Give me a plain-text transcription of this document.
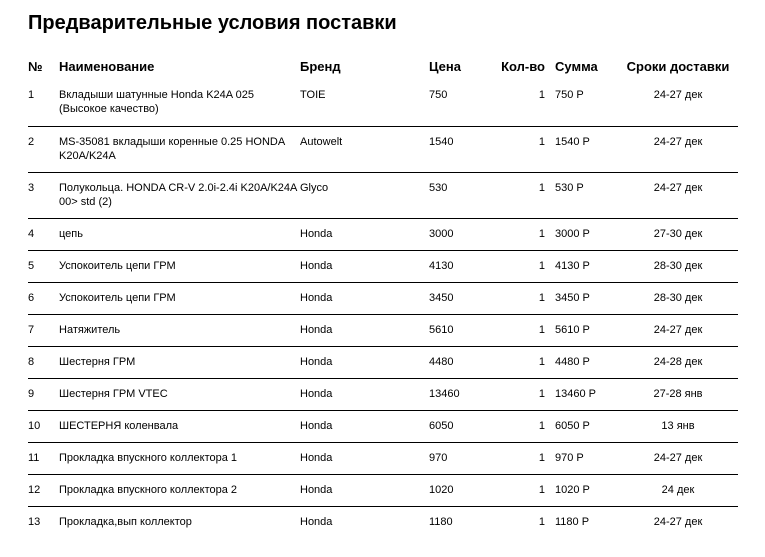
Предварительные условия поставки
№	Наименование	Бренд	Цена	Кол-во	Сумма	Сроки доставки
1	Вкладыши шатунные Honda K24A 025 (Высокое качество)	TOIE	750	1	750 Р	24-27 дек
2	MS-35081 вкладыши коренные 0.25 HONDA K20A/K24A	Autowelt	1540	1	1540 Р	24-27 дек
3	Полукольца. HONDA CR-V 2.0i-2.4i K20A/K24A 00> std (2)	Glyco	530	1	530 Р	24-27 дек
4	цепь	Honda	3000	1	3000 Р	27-30 дек
5	Успокоитель цепи ГРМ	Honda	4130	1	4130 Р	28-30 дек
6	Успокоитель цепи ГРМ	Honda	3450	1	3450 Р	28-30 дек
7	Натяжитель	Honda	5610	1	5610 Р	24-27 дек
8	Шестерня ГРМ	Honda	4480	1	4480 Р	24-28 дек
9	Шестерня ГРМ VTEC	Honda	13460	1	13460 Р	27-28 янв
10	ШЕСТЕРНЯ коленвала	Honda	6050	1	6050 Р	13 янв
11	Прокладка впускного коллектора 1	Honda	970	1	970 Р	24-27 дек
12	Прокладка впускного коллектора 2	Honda	1020	1	1020 Р	24 дек
13	Прокладка,вып коллектор	Honda	1180	1	1180 Р	24-27 дек
